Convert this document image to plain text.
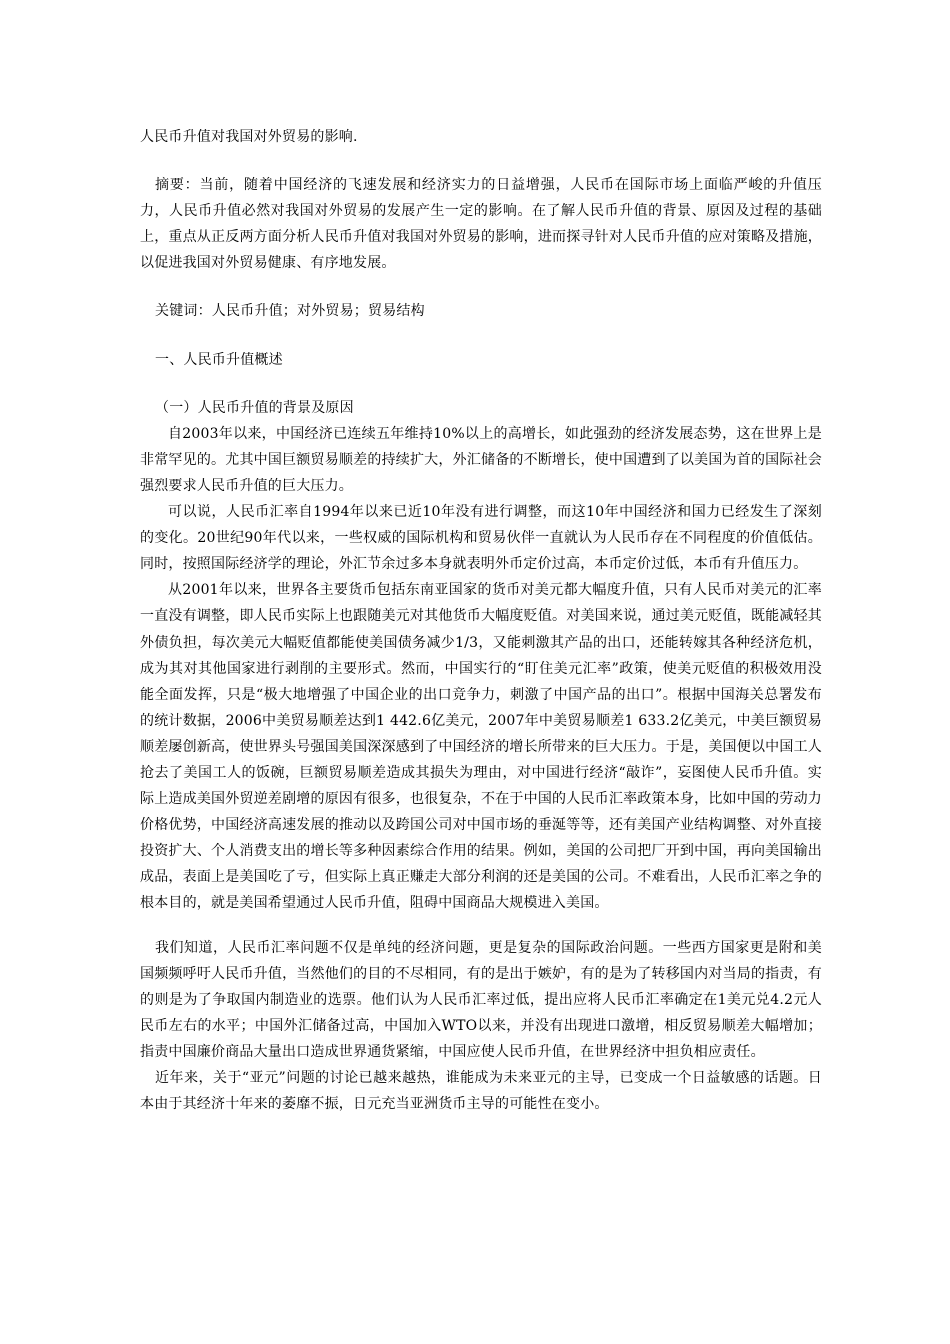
人民币升值对我国对外贸易的影响.

摘要：当前，随着中国经济的飞速发展和经济实力的日益增强，人民币在国际市场上面临严峻的升值压力，人民币升值必然对我国对外贸易的发展产生一定的影响。在了解人民币升值的背景、原因及过程的基础上，重点从正反两方面分析人民币升值对我国对外贸易的影响，进而探寻针对人民币升值的应对策略及措施，以促进我国对外贸易健康、有序地发展。

关键词：人民币升值；对外贸易；贸易结构

一、人民币升值概述

（一）人民币升值的背景及原因

自2003年以来，中国经济已连续五年维持10%以上的高增长，如此强劲的经济发展态势，这在世界上是非常罕见的。尤其中国巨额贸易顺差的持续扩大，外汇储备的不断增长，使中国遭到了以美国为首的国际社会强烈要求人民币升值的巨大压力。

可以说，人民币汇率自1994年以来已近10年没有进行调整，而这10年中国经济和国力已经发生了深刻的变化。20世纪90年代以来，一些权威的国际机构和贸易伙伴一直就认为人民币存在不同程度的价值低估。同时，按照国际经济学的理论，外汇节余过多本身就表明外币定价过高，本币定价过低，本币有升值压力。

从2001年以来，世界各主要货币包括东南亚国家的货币对美元都大幅度升值，只有人民币对美元的汇率一直没有调整，即人民币实际上也跟随美元对其他货币大幅度贬值。对美国来说，通过美元贬值，既能减轻其外债负担，每次美元大幅贬值都能使美国债务减少1/3，又能刺激其产品的出口，还能转嫁其各种经济危机，成为其对其他国家进行剥削的主要形式。然而，中国实行的“盯住美元汇率”政策，使美元贬值的积极效用没能全面发挥，只是“极大地增强了中国企业的出口竞争力，刺激了中国产品的出口”。根据中国海关总署发布的统计数据，2006中美贸易顺差达到1 442.6亿美元，2007年中美贸易顺差1 633.2亿美元，中美巨额贸易顺差屡创新高，使世界头号强国美国深深感到了中国经济的增长所带来的巨大压力。于是，美国便以中国工人抢去了美国工人的饭碗，巨额贸易顺差造成其损失为理由，对中国进行经济“敲诈”，妄图使人民币升值。实际上造成美国外贸逆差剧增的原因有很多，也很复杂，不在于中国的人民币汇率政策本身，比如中国的劳动力价格优势，中国经济高速发展的推动以及跨国公司对中国市场的垂涎等等，还有美国产业结构调整、对外直接投资扩大、个人消费支出的增长等多种因素综合作用的结果。例如，美国的公司把厂开到中国，再向美国输出成品，表面上是美国吃了亏，但实际上真正赚走大部分利润的还是美国的公司。不难看出，人民币汇率之争的根本目的，就是美国希望通过人民币升值，阻碍中国商品大规模进入美国。

我们知道，人民币汇率问题不仅是单纯的经济问题，更是复杂的国际政治问题。一些西方国家更是附和美国频频呼吁人民币升值，当然他们的目的不尽相同，有的是出于嫉妒，有的是为了转移国内对当局的指责，有的则是为了争取国内制造业的选票。他们认为人民币汇率过低，提出应将人民币汇率确定在1美元兑4.2元人民币左右的水平；中国外汇储备过高，中国加入WTO以来，并没有出现进口激增，相反贸易顺差大幅增加；指责中国廉价商品大量出口造成世界通货紧缩，中国应使人民币升值，在世界经济中担负相应责任。

近年来，关于“亚元”问题的讨论已越来越热，谁能成为未来亚元的主导，已变成一个日益敏感的话题。日本由于其经济十年来的萎靡不振，日元充当亚洲货币主导的可能性在变小。
